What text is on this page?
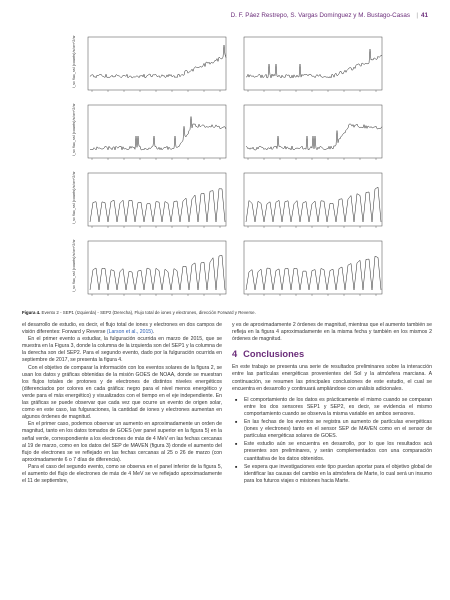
D. F. Páez Restrepo, S. Vargas Domínguez y M. Bustago-Casas | 41
I_sc flux_ssl (counts)/s/cm^2/sr
I_sc flux_ssl (counts)/s/cm^2/sr
I_sc flux_ssl (counts)/s/cm^2/sr
I_sc flux_ssl (counts)/s/cm^2/sr
Figura 4. Evento 2 - SEP1 (Izquierda) - SEP2 (Derecha), Flujo total de iones y electrones, dirección Forward y Reverse.

el desarrollo de estudio, es decir, el flujo total de iones y electrones en dos campos de visión diferentes: Forward y Reverse (Larson et al., 2015).

En el primer evento a estudiar, la fulguración ocurrida en marzo de 2015, que se muestra en la Figura 3, donde la columna de la izquierda son del SEP1 y la columna de la derecha son del SEP2. Para el segundo evento, dado por la fulguración ocurrida en septiembre de 2017, se presenta la figura 4.

Con el objetivo de comparar la información con los eventos solares de la figura 2, se usan los datos y gráficas obtenidas de la misión GOES de NOAA, donde se muestran los flujos totales de protones y de electrones de distintos niveles energéticos (diferenciados por colores en cada gráfica: negro para el nivel menos energético y verde para el más energético) y visualizados con el tiempo en el eje independiente. En las gráficas se puede observar que cada vez que ocurre un evento de origen solar, como en este caso, las fulguraciones, la cantidad de iones y electrones aumentan en algunos órdenes de magnitud.

En el primer caso, podemos observar un aumento en aproximadamente un orden de magnitud, tanto en los datos tomados de GOES (ver panel superior en la figura 5) en la señal verde, correspondiente a los electrones de más de 4 MeV en las fechas cercanas al 19 de marzo, como en los datos del SEP de MAVEN (figura 3) donde el aumento del flujo de electrones se ve reflejado en las fechas cercanas al 25 o 26 de marzo (con aproximadamente 6 o 7 días de diferencia).

Para el caso del segundo evento, como se observa en el panel inferior de la figura 5, el aumento del flujo de electrones de más de 4 MeV se ve reflejado aproximadamente el 11 de septiembre,

y es de aproximadamente 2 órdenes de magnitud, mientras que el aumento también se refleja en la figura 4 aproximadamente en la misma fecha y también en los mismos 2 órdenes de magnitud.

4 Conclusiones

En este trabajo se presenta una serie de resultados preliminares sobre la interacción entre las partículas energéticas provenientes del Sol y la atmósfera marciana. A continuación, se resumen las principales conclusiones de este estudio, el cual se encuentra en desarrollo y continuará ampliándose con análisis adicionales.

■ El comportamiento de los datos es prácticamente el mismo cuando se comparan entre los dos sensores SEP1 y SEP2, es decir, se evidencia el mismo comportamiento cuando se observa la misma variable en ambos sensores.
■ En las fechas de los eventos se registra un aumento de partículas energéticas (iones y electrones) tanto en el sensor SEP de MAVEN como en el sensor de partículas energéticas solares de GOES.
■ Este estudio aún se encuentra en desarrollo, por lo que los resultados acá presentes son preliminares, y serán complementados con una comparación cuantitativa de los datos obtenidos.
■ Se espera que investigaciones este tipo puedan aportar para el objetivo global de identificar las causas del cambio en la atmósfera de Marte, lo cual será un insumo para los futuros viajes o misiones hacia Marte.
